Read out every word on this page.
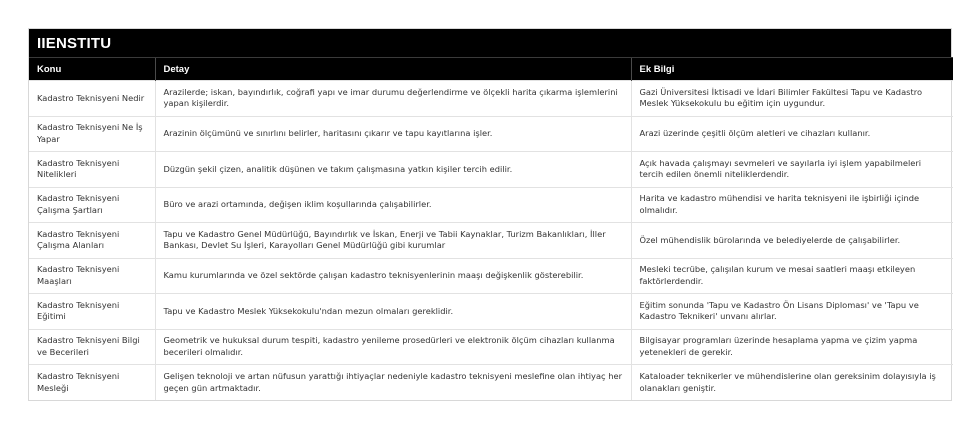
IIENSTITU
Konu	Detay	Ek Bilgi
Kadastro Teknisyeni Nedir	Arazilerde; iskan, bayındırlık, coğrafi yapı ve imar durumu değerlendirme ve ölçekli harita çıkarma işlemlerini yapan kişilerdir.	Gazi Üniversitesi İktisadi ve İdari Bilimler Fakültesi Tapu ve Kadastro Meslek Yüksekokulu bu eğitim için uygundur.
Kadastro Teknisyeni Ne İş Yapar	Arazinin ölçümünü ve sınırlını belirler, haritasını çıkarır ve tapu kayıtlarına işler.	Arazi üzerinde çeşitli ölçüm aletleri ve cihazları kullanır.
Kadastro Teknisyeni Nitelikleri	Düzgün şekil çizen, analitik düşünen ve takım çalışmasına yatkın kişiler tercih edilir.	Açık havada çalışmayı sevmeleri ve sayılarla iyi işlem yapabilmeleri tercih edilen önemli niteliklerdendir.
Kadastro Teknisyeni Çalışma Şartları	Büro ve arazi ortamında, değişen iklim koşullarında çalışabilirler.	Harita ve kadastro mühendisi ve harita teknisyeni ile işbirliği içinde olmalıdır.
Kadastro Teknisyeni Çalışma Alanları	Tapu ve Kadastro Genel Müdürlüğü, Bayındırlık ve İskan, Enerji ve Tabii Kaynaklar, Turizm Bakanlıkları, İller Bankası, Devlet Su İşleri, Karayolları Genel Müdürlüğü gibi kurumlar	Özel mühendislik bürolarında ve belediyelerde de çalışabilirler.
Kadastro Teknisyeni Maaşları	Kamu kurumlarında ve özel sektörde çalışan kadastro teknisyenlerinin maaşı değişkenlik gösterebilir.	Mesleki tecrübe, çalışılan kurum ve mesai saatleri maaşı etkileyen faktörlerdendir.
Kadastro Teknisyeni Eğitimi	Tapu ve Kadastro Meslek Yüksekokulu'ndan mezun olmaları gereklidir.	Eğitim sonunda 'Tapu ve Kadastro Ön Lisans Diploması' ve 'Tapu ve Kadastro Teknikeri' unvanı alırlar.
Kadastro Teknisyeni Bilgi ve Becerileri	Geometrik ve hukuksal durum tespiti, kadastro yenileme prosedürleri ve elektronik ölçüm cihazları kullanma becerileri olmalıdır.	Bilgisayar programları üzerinde hesaplama yapma ve çizim yapma yetenekleri de gerekir.
Kadastro Teknisyeni Mesleği	Gelişen teknoloji ve artan nüfusun yarattığı ihtiyaçlar nedeniyle kadastro teknisyeni meslefine olan ihtiyaç her geçen gün artmaktadır.	Kataloader teknikerler ve mühendislerine olan gereksinim dolayısıyla iş olanakları genişti̇r.
